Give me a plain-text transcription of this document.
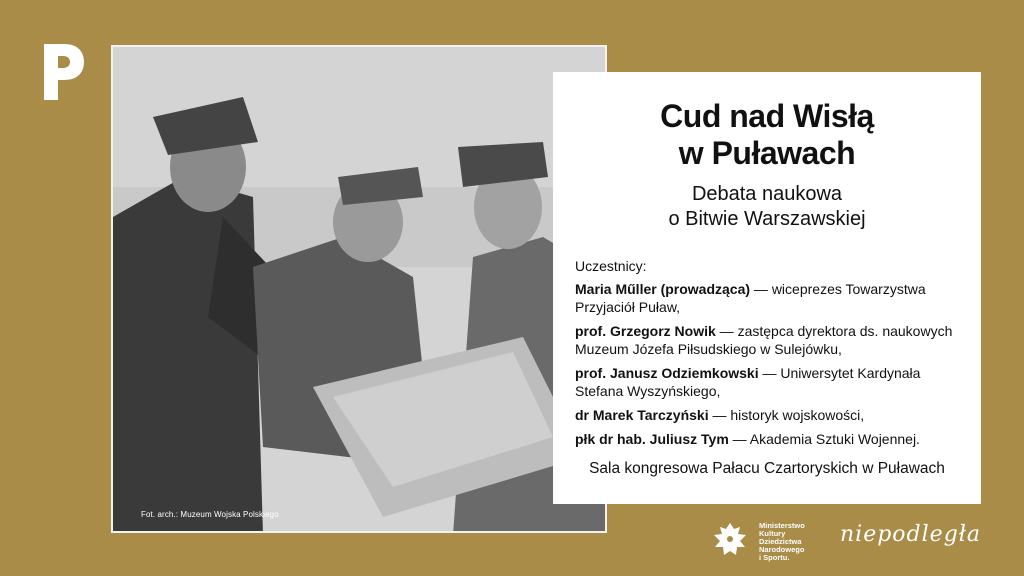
Fot. arch.: Muzeum Wojska Polskiego
Cud nad Wisłą
w Puławach

Debata naukowa
o Bitwie Warszawskiej

Uczestnicy:
Maria Műller (prowadząca) — wiceprezes Towarzystwa Przyjaciół Puław,
prof. Grzegorz Nowik — zastępca dyrektora ds. naukowych Muzeum Józefa Piłsudskiego w Sulejówku,
prof. Janusz Odziemkowski — Uniwersytet Kardynała Stefana Wyszyńskiego,
dr Marek Tarczyński — historyk wojskowości,
płk dr hab. Juliusz Tym — Akademia Sztuki Wojennej.
Sala kongresowa Pałacu Czartoryskich w Puławach
Ministerstwo
Kultury
Dziedzictwa
Narodowego
i Sportu.
niepodległa
